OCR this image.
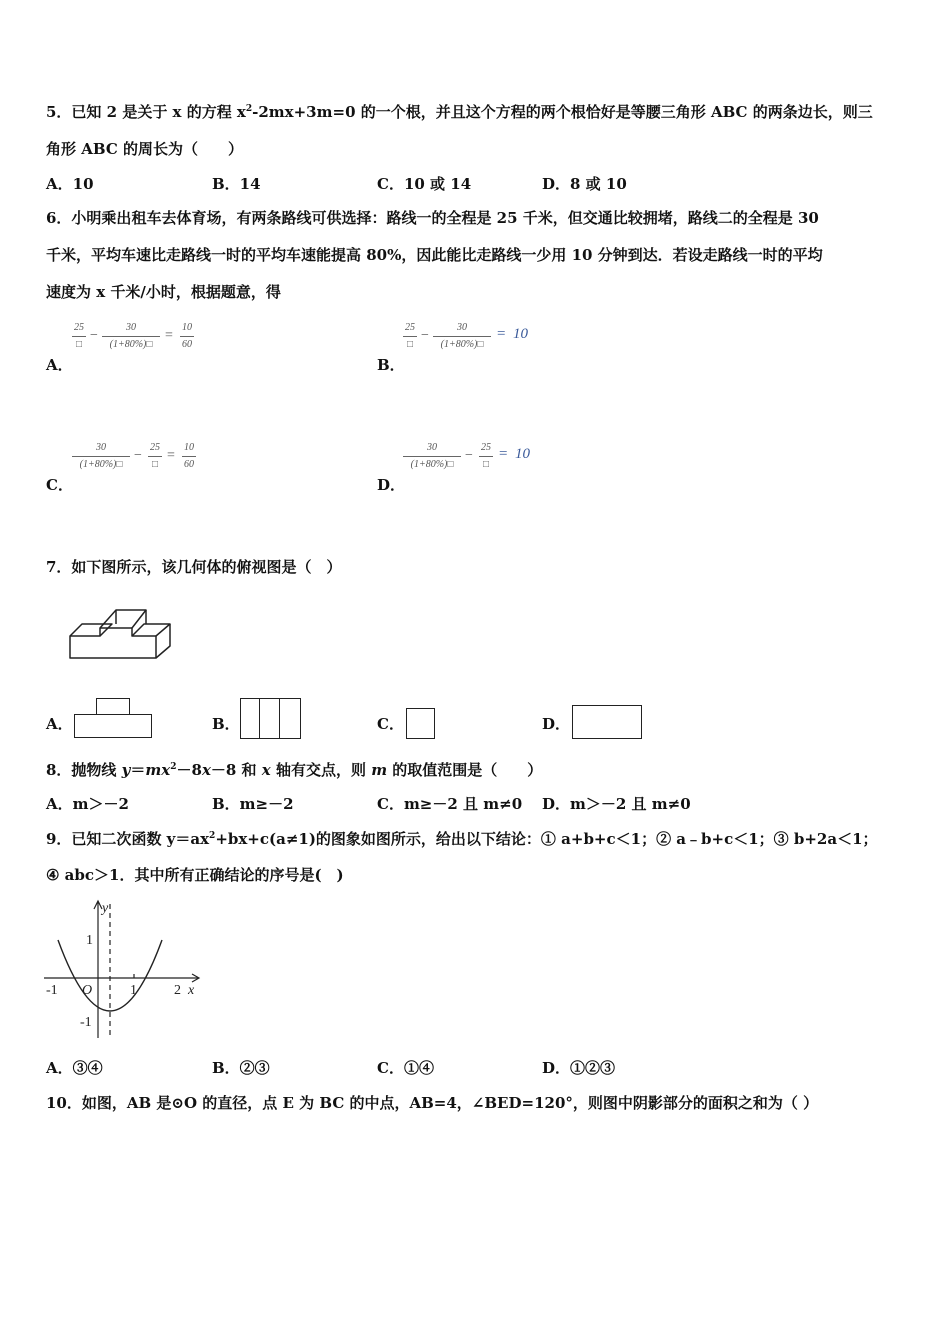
5．已知 2 是关于 x 的方程 $x^2-2mx+3m=0$ 的一个根，并且这个方程的两个根恰好是等腰三角形 ABC 的两条边长，则三
角形 ABC 的周长为（　　）
A．10	B．14	C．10 或 14	D．8 或 10
6．小明乘出租车去体育场，有两条路线可供选择：路线一的全程是 25 千米，但交通比较拥堵，路线二的全程是 30
千米，平均车速比走路线一时的平均车速能提高 80%，因此能比走路线一少用 10 分钟到达．若设走路线一时的平均
速度为 x 千米/小时，根据题意，得
25
□
−
30
(1+80%)□
=
10
60
A．
25
□
−
30
(1+80%)□
= 10
B．
30
(1+80%)□
−
25
□
=
10
60
C．
30
(1+80%)□
−
25
□
= 10
D．
7．如下图所示，该几何体的俯视图是（　）
A．	B．	C．	D．
8．抛物线 $y=mx^2-8x-8$ 和 x 轴有交点，则 m 的取值范围是（　　）
A．m＞－2	B．m≥－2	C．m≥－2 且 m≠0 D．m＞－2 且 m≠0
9．已知二次函数 $y=ax^2+bx+c(a\ne 1)$的图象如图所示，给出以下结论：① a+b+c＜1；② a﹣b+c＜1；③ b+2a＜1；
④ abc＞1．其中所有正确结论的序号是(　)
y
x
1
-1
-1 O	1	2
A．③④	B．②③	C．①④	D．①②③
10．如图，AB 是⊙O 的直径，点 E 为 BC 的中点，AB=4，∠BED=120°，则图中阴影部分的面积之和为（ ）
